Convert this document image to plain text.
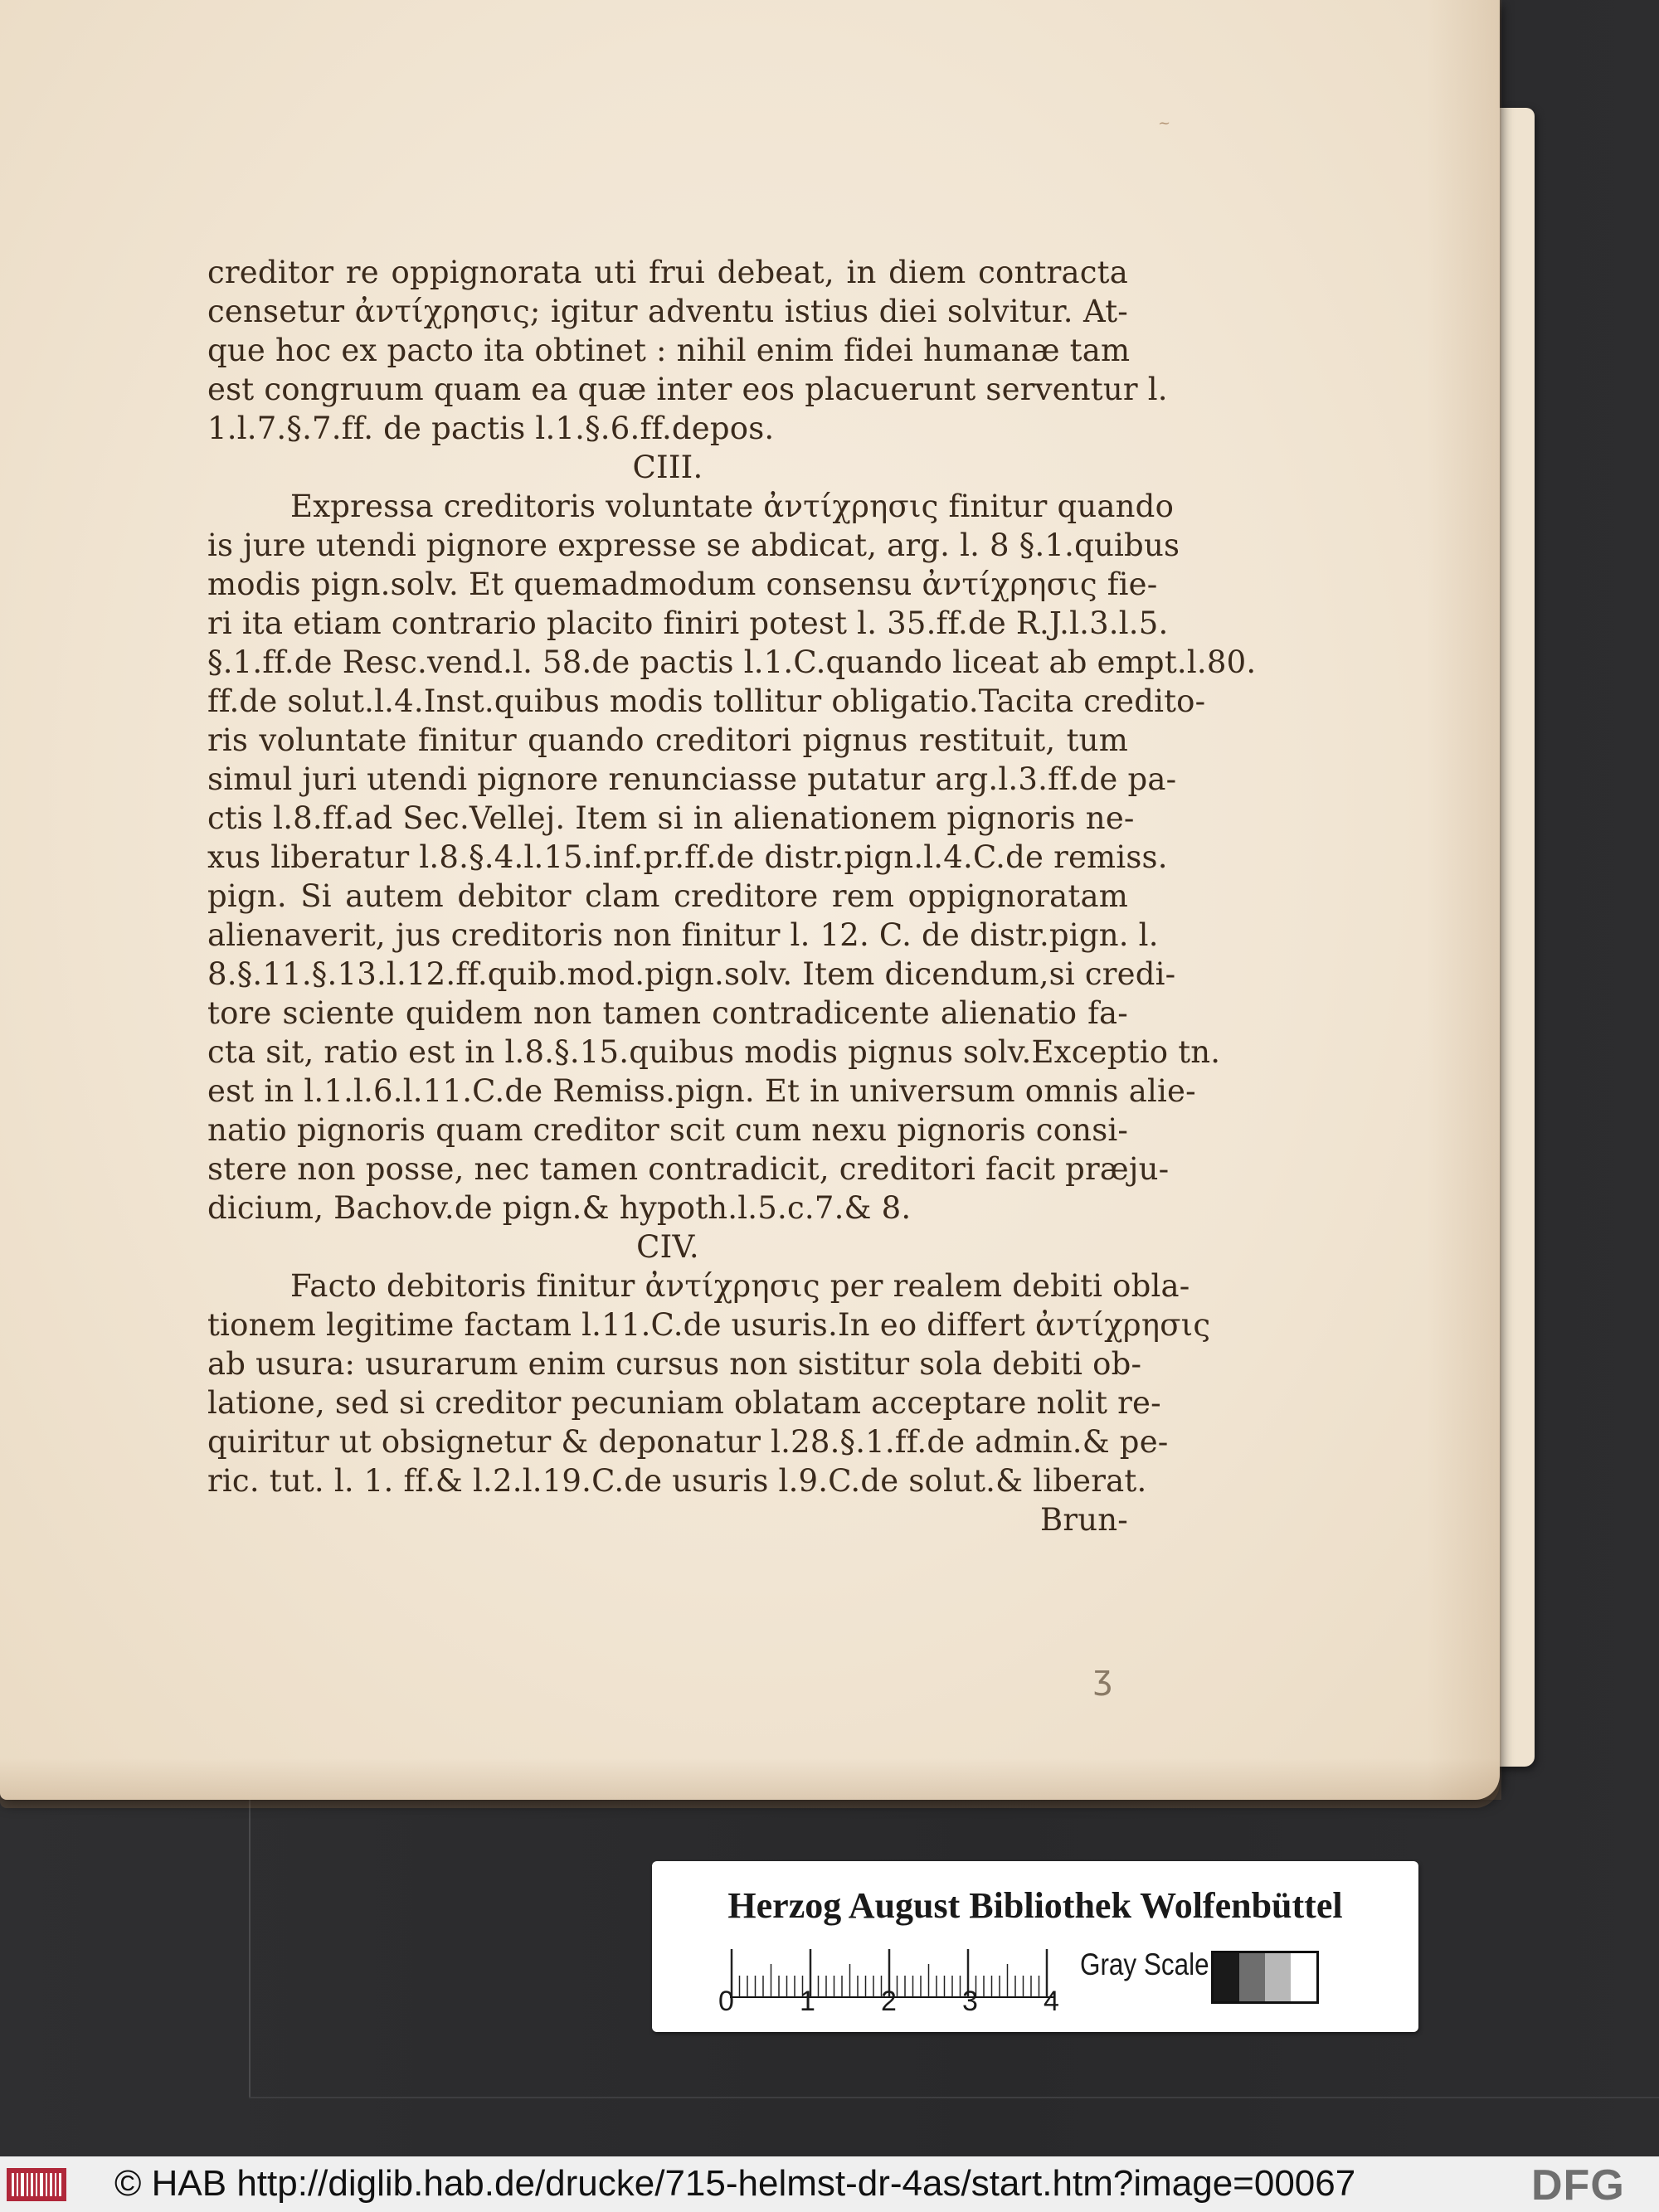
~
creditor re oppignorata uti frui debeat, in diem contracta
censetur ἀντίχρησις; igitur adventu istius diei solvitur. At-
que hoc ex pacto ita obtinet : nihil enim fidei humanæ tam
est congruum quam ea quæ inter eos placuerunt serventur l.
1.l.7.§.7.ff. de pactis l.1.§.6.ff.depos.
CIII.
Expressa creditoris voluntate ἀντίχρησις finitur quando
is jure utendi pignore expresse se abdicat, arg. l. 8 §.1.quibus
modis pign.solv. Et quemadmodum consensu ἀντίχρησις fie-
ri ita etiam contrario placito finiri potest l. 35.ff.de R.J.l.3.l.5.
§.1.ff.de Resc.vend.l. 58.de pactis l.1.C.quando liceat ab empt.l.80.
ff.de solut.l.4.Inst.quibus modis tollitur obligatio.Tacita credito-
ris voluntate finitur quando creditori pignus restituit, tum
simul juri utendi pignore renunciasse putatur arg.l.3.ff.de pa-
ctis l.8.ff.ad Sec.Vellej. Item si in alienationem pignoris ne-
xus liberatur l.8.§.4.l.15.inf.pr.ff.de distr.pign.l.4.C.de remiss.
pign. Si autem debitor clam creditore rem oppignoratam
alienaverit, jus creditoris non finitur l. 12. C. de distr.pign. l.
8.§.11.§.13.l.12.ff.quib.mod.pign.solv. Item dicendum,si credi-
tore sciente quidem non tamen contradicente alienatio fa-
cta sit, ratio est in l.8.§.15.quibus modis pignus solv.Exceptio tn.
est in l.1.l.6.l.11.C.de Remiss.pign. Et in universum omnis alie-
natio pignoris quam creditor scit cum nexu pignoris consi-
stere non posse, nec tamen contradicit, creditori facit præju-
dicium, Bachov.de pign.& hypoth.l.5.c.7.& 8.
CIV.
Facto debitoris finitur ἀντίχρησις per realem debiti obla-
tionem legitime factam l.11.C.de usuris.In eo differt ἀντίχρησις
ab usura: usurarum enim cursus non sistitur sola debiti ob-
latione, sed si creditor pecuniam oblatam acceptare nolit re-
quiritur ut obsignetur & deponatur l.28.§.1.ff.de admin.& pe-
ric. tut. l. 1. ff.& l.2.l.19.C.de usuris l.9.C.de solut.& liberat.
Brun-
ʒ
Herzog August Bibliothek Wolfenbüttel
0 1 2 3 4
Gray Scale
© HAB http://diglib.hab.de/drucke/715-helmst-dr-4as/start.htm?image=00067	DFG
